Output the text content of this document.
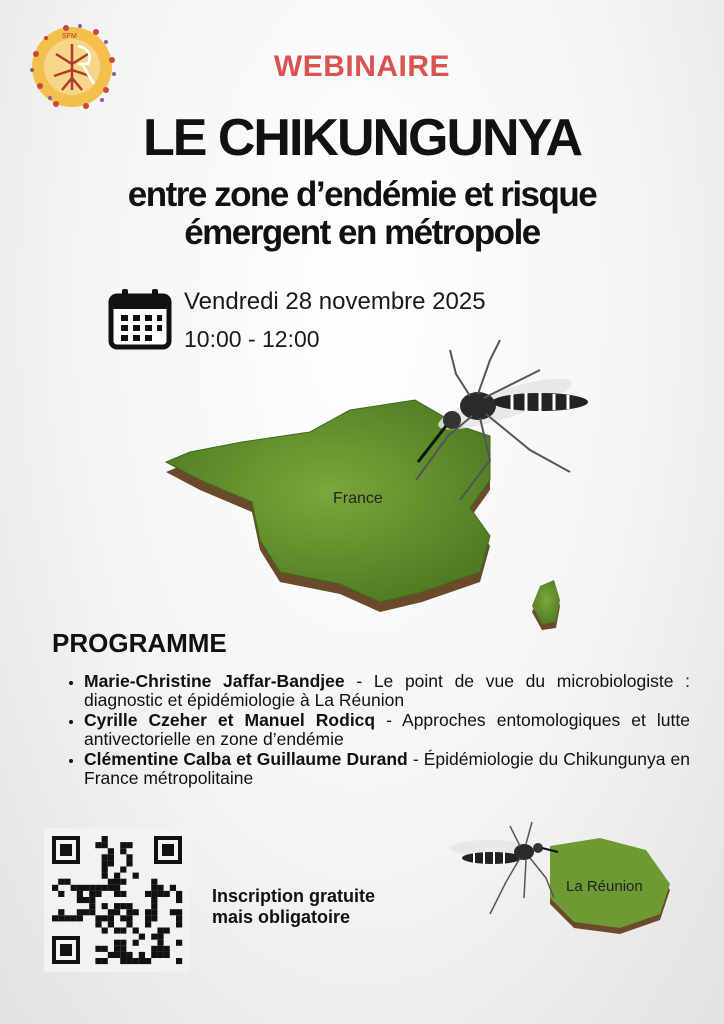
SFM
WEBINAIRE
LE CHIKUNGUNYA
entre zone d’endémie et risque
émergent en métropole
Vendredi 28 novembre 2025
10:00 - 12:00
France
PROGRAMME
• Marie-Christine Jaffar-Bandjee - Le point de vue du microbiologiste : diagnostic et épidémiologie à La Réunion
• Cyrille Czeher et Manuel Rodicq - Approches entomologiques et lutte antivectorielle en zone d’endémie
• Clémentine Calba et Guillaume Durand - Épidémiologie du Chikungunya en France métropolitaine
Inscription gratuite
mais obligatoire
La Réunion
